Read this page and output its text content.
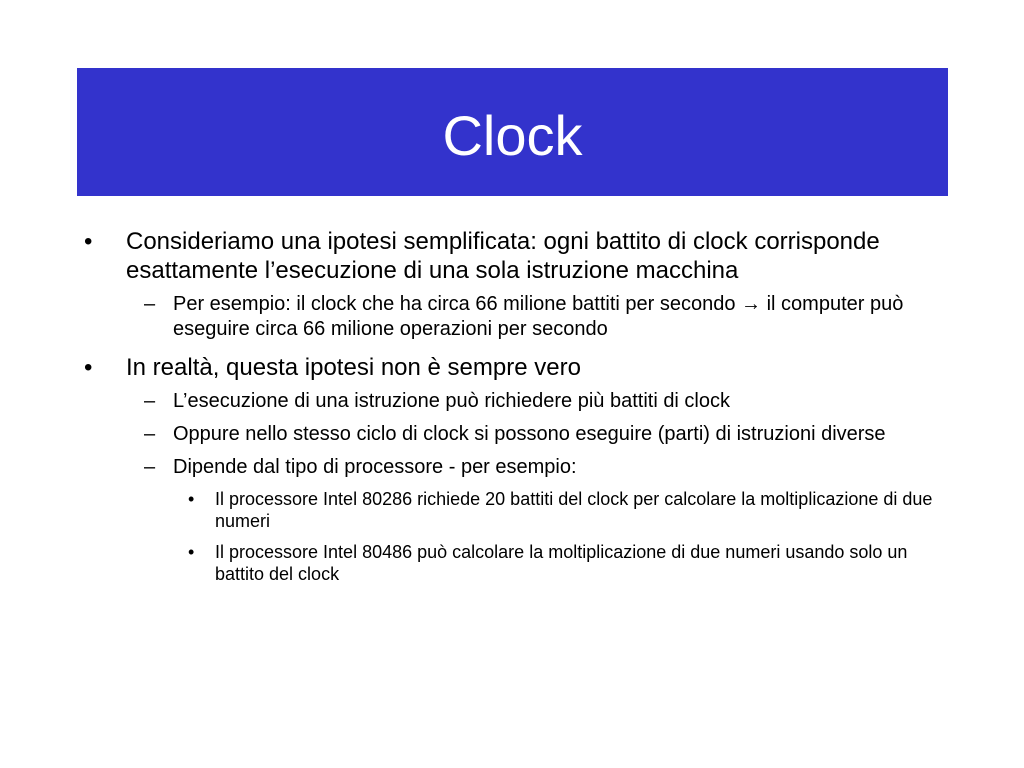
Clock
•	Consideriamo una ipotesi semplificata: ogni battito di clock corrisponde esattamente l’esecuzione di una sola istruzione macchina
– Per esempio: il clock che ha circa 66 milione battiti per secondo → il computer può eseguire circa 66 milione operazioni per secondo
•	In realtà, questa ipotesi non è sempre vero
– L’esecuzione di una istruzione può richiedere più battiti di clock
– Oppure nello stesso ciclo di clock si possono eseguire (parti) di istruzioni diverse
– Dipende dal tipo di processore - per esempio:
•	Il processore Intel 80286 richiede 20 battiti del clock per calcolare la moltiplicazione di due numeri
•	Il processore Intel 80486 può calcolare la moltiplicazione di due numeri usando solo un battito del clock
